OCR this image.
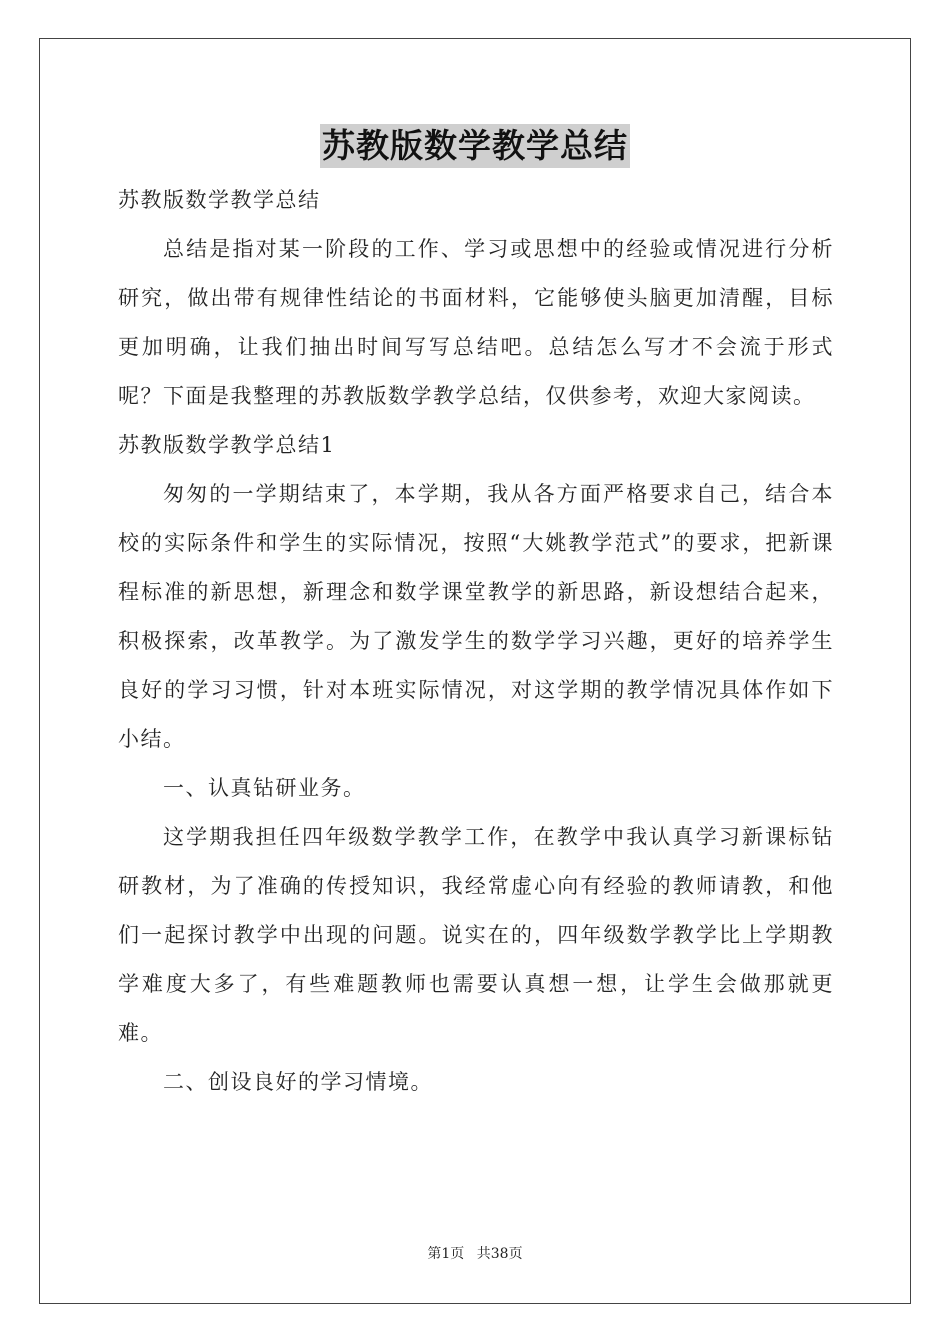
苏教版数学教学总结

苏教版数学教学总结

总结是指对某一阶段的工作、学习或思想中的经验或情况进行分析研究，做出带有规律性结论的书面材料，它能够使头脑更加清醒，目标更加明确，让我们抽出时间写写总结吧。总结怎么写才不会流于形式呢？下面是我整理的苏教版数学教学总结，仅供参考，欢迎大家阅读。

苏教版数学教学总结1

匆匆的一学期结束了，本学期，我从各方面严格要求自己，结合本校的实际条件和学生的实际情况，按照“大姚教学范式”的要求，把新课程标准的新思想，新理念和数学课堂教学的新思路，新设想结合起来，积极探索，改革教学。为了激发学生的数学学习兴趣，更好的培养学生良好的学习习惯，针对本班实际情况，对这学期的教学情况具体作如下小结。

一、认真钻研业务。

这学期我担任四年级数学教学工作，在教学中我认真学习新课标钻研教材，为了准确的传授知识，我经常虚心向有经验的教师请教，和他们一起探讨教学中出现的问题。说实在的，四年级数学教学比上学期教学难度大多了，有些难题教师也需要认真想一想，让学生会做那就更难。

二、创设良好的学习情境。

第1页 共38页
